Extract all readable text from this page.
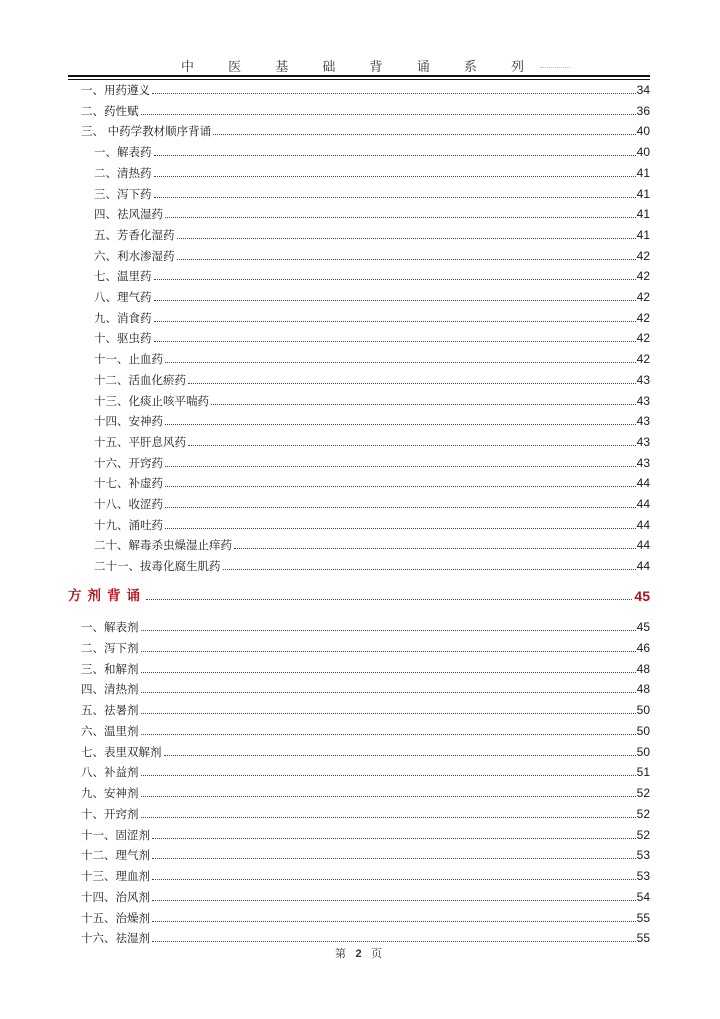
中 医 基 础 背 诵 系 列
一、用药遵义	34
二、药性赋	36
三、 中药学教材顺序背诵	40
一、解表药	40
二、清热药	41
三、泻下药	41
四、祛风湿药	41
五、芳香化湿药	41
六、利水渗湿药	42
七、温里药	42
八、理气药	42
九、消食药	42
十、驱虫药	42
十一、止血药	42
十二、活血化瘀药	43
十三、化痰止咳平喘药	43
十四、安神药	43
十五、平肝息风药	43
十六、开窍药	43
十七、补虚药	44
十八、收涩药	44
十九、涌吐药	44
二十、解毒杀虫燥湿止痒药	44
二十一、拔毒化腐生肌药	44
方剂背诵	45
一、解表剂	45
二、泻下剂	46
三、和解剂	48
四、清热剂	48
五、祛暑剂	50
六、温里剂	50
七、表里双解剂	50
八、补益剂	51
九、安神剂	52
十、开窍剂	52
十一、固涩剂	52
十二、理气剂	53
十三、理血剂	53
十四、治风剂	54
十五、治燥剂	55
十六、祛湿剂	55
第 2 页
